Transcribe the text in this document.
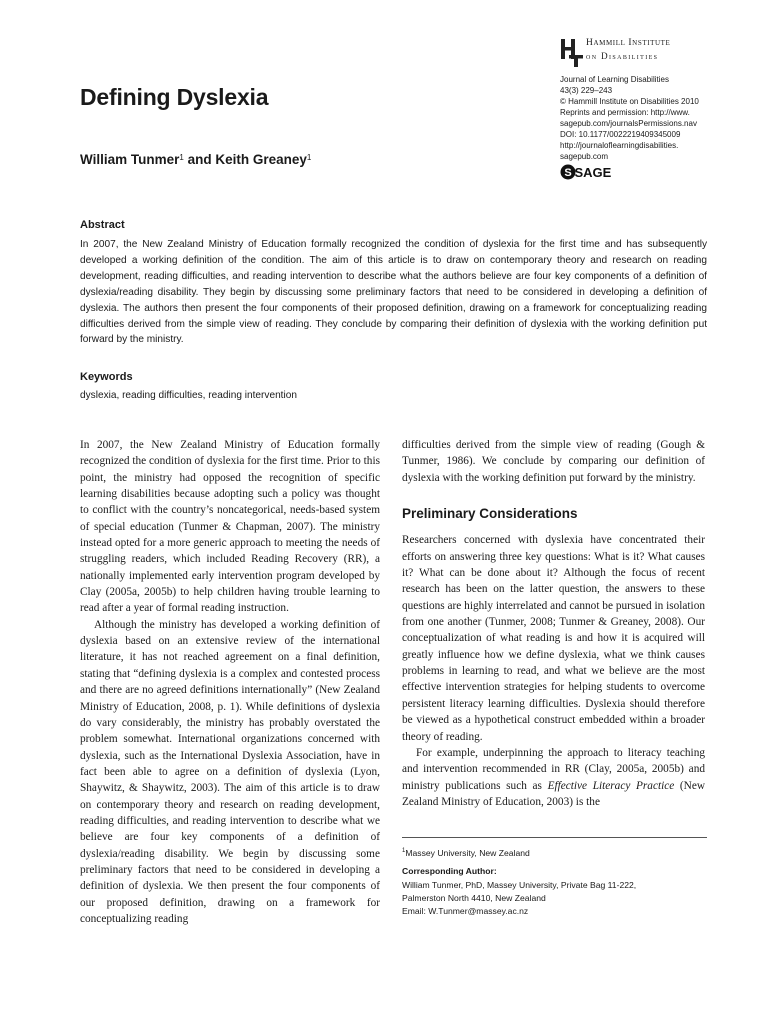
Hammill Institute
on Disabilities
Journal of Learning Disabilities
43(3) 229–243
© Hammill Institute on Disabilities 2010
Reprints and permission: http://www.
sagepub.com/journalsPermissions.nav
DOI: 10.1177/0022219409345009
http://journaloflearningdisabilities.
sagepub.com
S SAGE
Defining Dyslexia
William Tunmer$^1$ and Keith Greaney$^1$
Abstract
In 2007, the New Zealand Ministry of Education formally recognized the condition of dyslexia for the first time and has subsequently developed a working definition of the condition. The aim of this article is to draw on contemporary theory and research on reading development, reading difficulties, and reading intervention to describe what the authors believe are four key components of a definition of dyslexia/reading disability. They begin by discussing some preliminary factors that need to be considered in developing a definition of dyslexia. The authors then present the four components of their proposed definition, drawing on a framework for conceptualizing reading difficulties derived from the simple view of reading. They conclude by comparing their definition of dyslexia with the working definition put forward by the ministry.
Keywords
dyslexia, reading difficulties, reading intervention

In 2007, the New Zealand Ministry of Education formally recognized the condition of dyslexia for the first time. Prior to this point, the ministry had opposed the recognition of specific learning disabilities because adopting such a policy was thought to conflict with the country’s noncategorical, needs-based system of special education (Tunmer & Chapman, 2007). The ministry instead opted for a more generic approach to meeting the needs of struggling readers, which included Reading Recovery (RR), a nationally implemented early intervention program developed by Clay (2005a, 2005b) to help children having trouble learning to read after a year of formal reading instruction.

Although the ministry has developed a working definition of dyslexia based on an extensive review of the international literature, it has not reached agreement on a final definition, stating that “defining dyslexia is a complex and contested process and there are no agreed definitions internationally” (New Zealand Ministry of Education, 2008, p. 1). While definitions of dyslexia do vary considerably, the ministry has probably overstated the problem somewhat. International organizations concerned with dyslexia, such as the International Dyslexia Association, have in fact been able to agree on a definition of dyslexia (Lyon, Shaywitz, & Shaywitz, 2003). The aim of this article is to draw on contemporary theory and research on reading development, reading difficulties, and reading intervention to describe what we believe are four key components of a definition of dyslexia/reading disability. We begin by discussing some preliminary factors that need to be considered in developing a definition of dyslexia. We then present the four components of our proposed definition, drawing on a framework for conceptualizing reading

difficulties derived from the simple view of reading (Gough & Tunmer, 1986). We conclude by comparing our definition of dyslexia with the working definition put forward by the ministry.

Preliminary Considerations

Researchers concerned with dyslexia have concentrated their efforts on answering three key questions: What is it? What causes it? What can be done about it? Although the focus of recent research has been on the latter question, the answers to these questions are highly interrelated and cannot be pursued in isolation from one another (Tunmer, 2008; Tunmer & Greaney, 2008). Our conceptualization of what reading is and how it is acquired will greatly influence how we define dyslexia, what we think causes problems in learning to read, and what we believe are the most effective intervention strategies for helping students to overcome persistent literacy learning difficulties. Dyslexia should therefore be viewed as a hypothetical construct embedded within a broader theory of reading.

For example, underpinning the approach to literacy teaching and intervention recommended in RR (Clay, 2005a, 2005b) and ministry publications such as Effective Literacy Practice (New Zealand Ministry of Education, 2003) is the

$^1$Massey University, New Zealand
Corresponding Author:
William Tunmer, PhD, Massey University, Private Bag 11-222,
Palmerston North 4410, New Zealand
Email: W.Tunmer@massey.ac.nz
